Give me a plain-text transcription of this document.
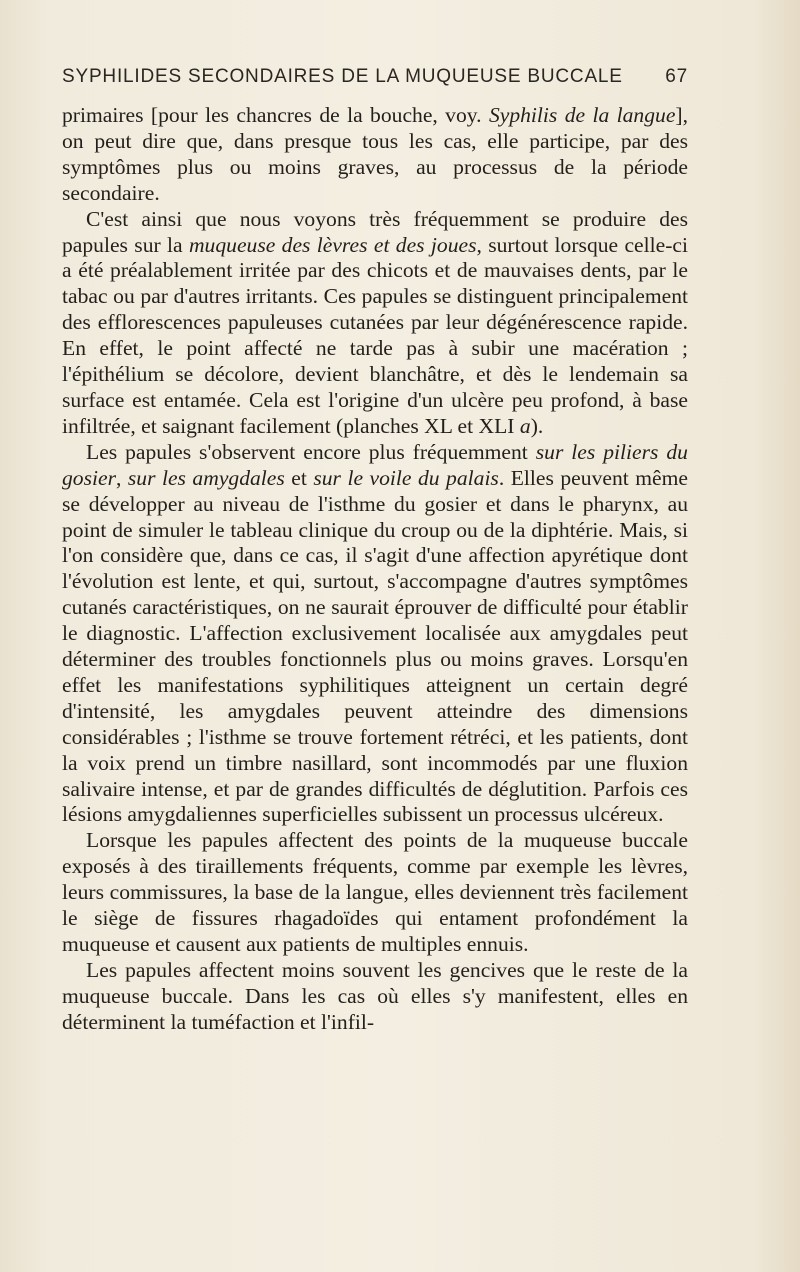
SYPHILIDES SECONDAIRES DE LA MUQUEUSE BUCCALE 67

primaires [pour les chancres de la bouche, voy. Syphilis de la langue], on peut dire que, dans presque tous les cas, elle participe, par des symptômes plus ou moins graves, au processus de la période secondaire.

C'est ainsi que nous voyons très fréquemment se produire des papules sur la muqueuse des lèvres et des joues, surtout lorsque celle-ci a été préalablement irritée par des chicots et de mauvaises dents, par le tabac ou par d'autres irritants. Ces papules se distinguent principalement des efflorescences papuleuses cutanées par leur dégénérescence rapide. En effet, le point affecté ne tarde pas à subir une macération ; l'épithélium se décolore, devient blanchâtre, et dès le lendemain sa surface est entamée. Cela est l'origine d'un ulcère peu profond, à base infiltrée, et saignant facilement (planches XL et XLI a).

Les papules s'observent encore plus fréquemment sur les piliers du gosier, sur les amygdales et sur le voile du palais. Elles peuvent même se développer au niveau de l'isthme du gosier et dans le pharynx, au point de simuler le tableau clinique du croup ou de la diphtérie. Mais, si l'on considère que, dans ce cas, il s'agit d'une affection apyrétique dont l'évolution est lente, et qui, surtout, s'accompagne d'autres symptômes cutanés caractéristiques, on ne saurait éprouver de difficulté pour établir le diagnostic. L'affection exclusivement localisée aux amygdales peut déterminer des troubles fonctionnels plus ou moins graves. Lorsqu'en effet les manifestations syphilitiques atteignent un certain degré d'intensité, les amygdales peuvent atteindre des dimensions considérables ; l'isthme se trouve fortement rétréci, et les patients, dont la voix prend un timbre nasillard, sont incommodés par une fluxion salivaire intense, et par de grandes difficultés de déglutition. Parfois ces lésions amygdaliennes superficielles subissent un processus ulcéreux.

Lorsque les papules affectent des points de la muqueuse buccale exposés à des tiraillements fréquents, comme par exemple les lèvres, leurs commissures, la base de la langue, elles deviennent très facilement le siège de fissures rhagadoïdes qui entament profondément la muqueuse et causent aux patients de multiples ennuis.

Les papules affectent moins souvent les gencives que le reste de la muqueuse buccale. Dans les cas où elles s'y manifestent, elles en déterminent la tuméfaction et l'infil-
